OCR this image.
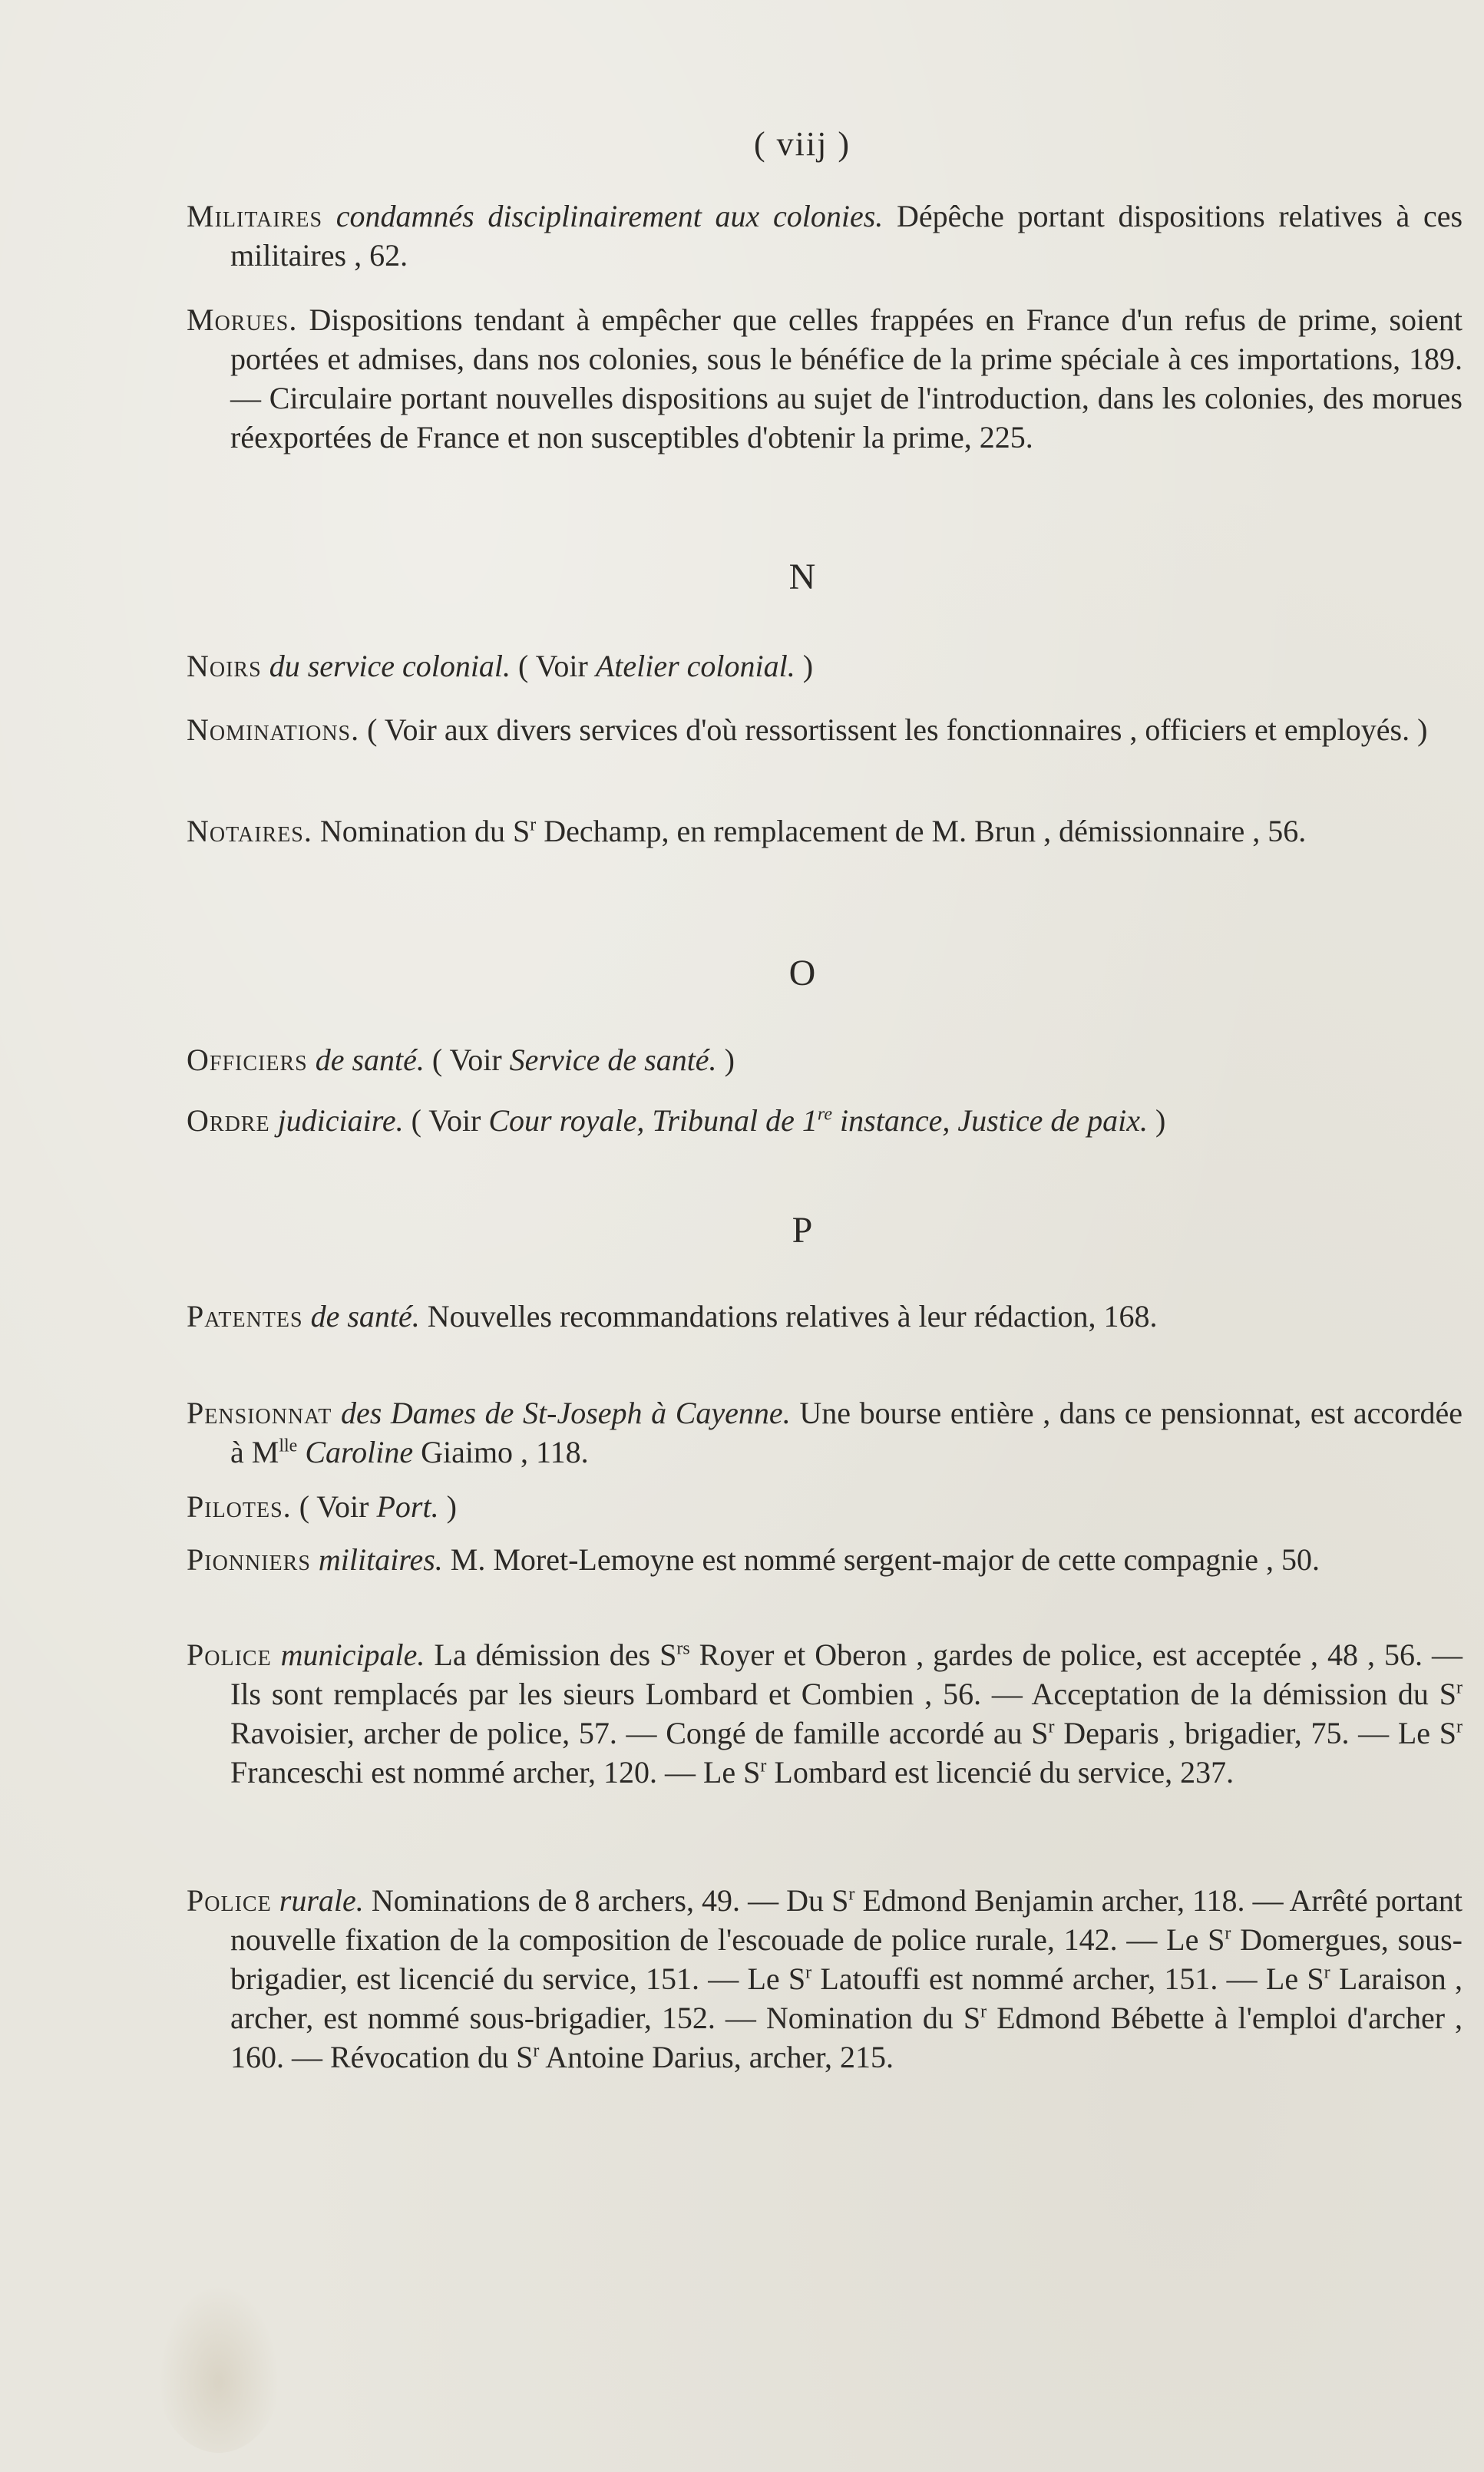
( viij )

Militaires condamnés disciplinairement aux colonies. Dépêche portant dispositions relatives à ces militaires , 62.

Morues. Dispositions tendant à empêcher que celles frappées en France d'un refus de prime, soient portées et admises, dans nos colonies, sous le bénéfice de la prime spéciale à ces importations, 189. — Circulaire portant nouvelles dispositions au sujet de l'introduction, dans les colonies, des morues réexportées de France et non susceptibles d'obtenir la prime, 225.

N

Noirs du service colonial. ( Voir Atelier colonial. )

Nominations. ( Voir aux divers services d'où ressortissent les fonctionnaires , officiers et employés. )

Notaires. Nomination du $S^r$ Dechamp, en remplacement de M. Brun , démissionnaire , 56.

O

Officiers de santé. ( Voir Service de santé. )

Ordre judiciaire. ( Voir Cour royale, Tribunal de 1re instance, Justice de paix. )

P

Patentes de santé. Nouvelles recommandations relatives à leur rédaction, 168.

Pensionnat des Dames de St-Joseph à Cayenne. Une bourse entière , dans ce pensionnat, est accordée à $M^{lle}$ Caroline Giaimo , 118.

Pilotes. ( Voir Port. )

Pionniers militaires. M. Moret-Lemoyne est nommé sergent-major de cette compagnie , 50.

Police municipale. La démission des $S^{rs}$ Royer et Oberon , gardes de police, est acceptée , 48 , 56. — Ils sont remplacés par les sieurs Lombard et Combien , 56. — Acceptation de la démission du $S^r$ Ravoisier, archer de police, 57. — Congé de famille accordé au $S^r$ Deparis , brigadier, 75. — Le $S^r$ Franceschi est nommé archer, 120. — Le $S^r$ Lombard est licencié du service, 237.

Police rurale. Nominations de 8 archers, 49. — Du $S^r$ Edmond Benjamin archer, 118. — Arrêté portant nouvelle fixation de la composition de l'escouade de police rurale, 142. — Le $S^r$ Domergues, sous-brigadier, est licencié du service, 151. — Le $S^r$ Latouffi est nommé archer, 151. — Le $S^r$ Laraison , archer, est nommé sous-brigadier, 152. — Nomination du $S^r$ Edmond Bébette à l'emploi d'archer , 160. — Révocation du $S^r$ Antoine Darius, archer, 215.
